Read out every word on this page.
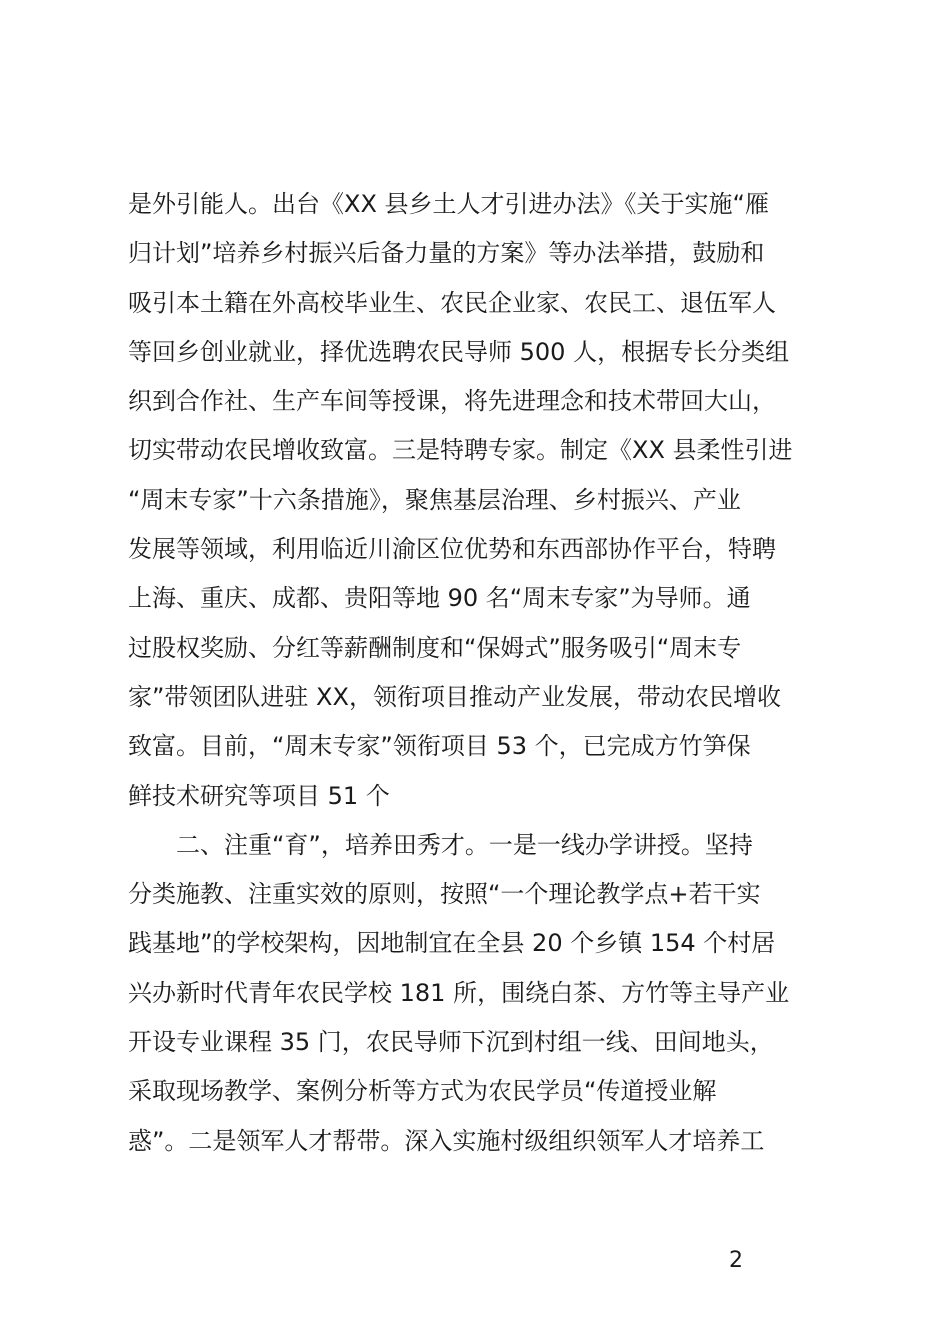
是外引能人。出台《XX 县乡土人才引进办法》《关于实施“雁
归计划”培养乡村振兴后备力量的方案》等办法举措，鼓励和
吸引本土籍在外高校毕业生、农民企业家、农民工、退伍军人
等回乡创业就业，择优选聘农民导师 500 人，根据专长分类组
织到合作社、生产车间等授课，将先进理念和技术带回大山，
切实带动农民增收致富。三是特聘专家。制定《XX 县柔性引进
“周末专家”十六条措施》，聚焦基层治理、乡村振兴、产业
发展等领域，利用临近川渝区位优势和东西部协作平台，特聘
上海、重庆、成都、贵阳等地 90 名“周末专家”为导师。通
过股权奖励、分红等薪酬制度和“保姆式”服务吸引“周末专
家”带领团队进驻 XX，领衔项目推动产业发展，带动农民增收
致富。目前，“周末专家”领衔项目 53 个，已完成方竹笋保
鲜技术研究等项目 51 个
二、注重“育”，培养田秀才。一是一线办学讲授。坚持
分类施教、注重实效的原则，按照“一个理论教学点+若干实
践基地”的学校架构，因地制宜在全县 20 个乡镇 154 个村居
兴办新时代青年农民学校 181 所，围绕白茶、方竹等主导产业
开设专业课程 35 门，农民导师下沉到村组一线、田间地头，
采取现场教学、案例分析等方式为农民学员“传道授业解
惑”。二是领军人才帮带。深入实施村级组织领军人才培养工
2
